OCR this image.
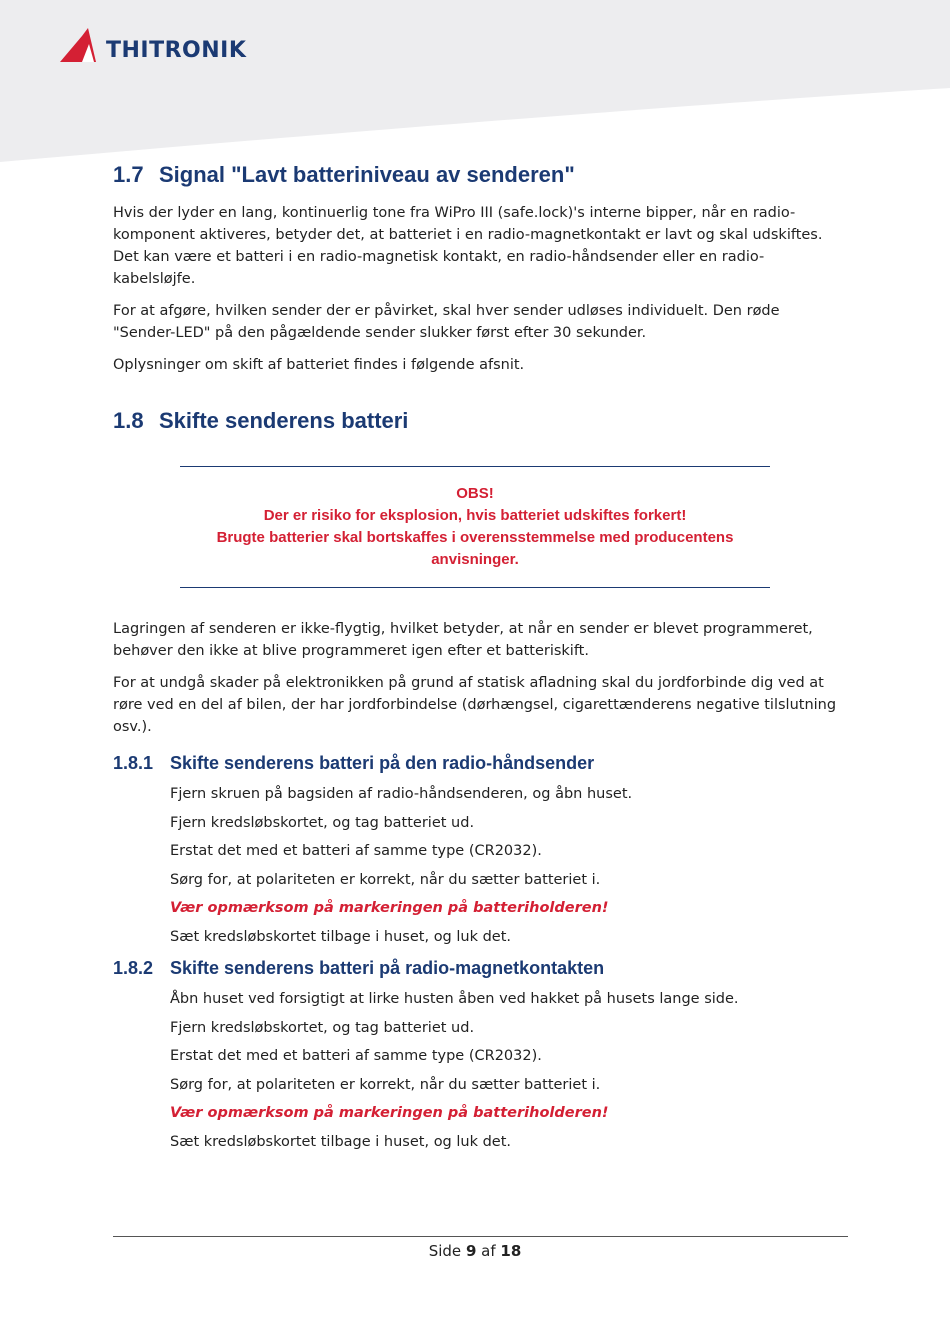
THITRONIK
1.7 Signal "Lavt batteriniveau av senderen"

Hvis der lyder en lang, kontinuerlig tone fra WiPro III (safe.lock)'s interne bipper, når en radio-komponent aktiveres, betyder det, at batteriet i en radio-magnetkontakt er lavt og skal udskiftes. Det kan være et batteri i en radio-magnetisk kontakt, en radio-håndsender eller en radio-kabelsløjfe.

For at afgøre, hvilken sender der er påvirket, skal hver sender udløses individuelt. Den røde "Sender-LED" på den pågældende sender slukker først efter 30 sekunder.

Oplysninger om skift af batteriet findes i følgende afsnit.

1.8 Skifte senderens batteri
OBS!
Der er risiko for eksplosion, hvis batteriet udskiftes forkert!
Brugte batterier skal bortskaffes i overensstemmelse med producentens anvisninger.

Lagringen af senderen er ikke-flygtig, hvilket betyder, at når en sender er blevet programmeret, behøver den ikke at blive programmeret igen efter et batteriskift.

For at undgå skader på elektronikken på grund af statisk afladning skal du jordforbinde dig ved at røre ved en del af bilen, der har jordforbindelse (dørhængsel, cigarettænderens negative tilslutning osv.).

1.8.1 Skifte senderens batteri på den radio-håndsender

Fjern skruen på bagsiden af radio-håndsenderen, og åbn huset.

Fjern kredsløbskortet, og tag batteriet ud.

Erstat det med et batteri af samme type (CR2032).

Sørg for, at polariteten er korrekt, når du sætter batteriet i.

Vær opmærksom på markeringen på batteriholderen!

Sæt kredsløbskortet tilbage i huset, og luk det.

1.8.2 Skifte senderens batteri på radio-magnetkontakten

Åbn huset ved forsigtigt at lirke husten åben ved hakket på husets lange side.

Fjern kredsløbskortet, og tag batteriet ud.

Erstat det med et batteri af samme type (CR2032).

Sørg for, at polariteten er korrekt, når du sætter batteriet i.

Vær opmærksom på markeringen på batteriholderen!

Sæt kredsløbskortet tilbage i huset, og luk det.

Side 9 af 18
